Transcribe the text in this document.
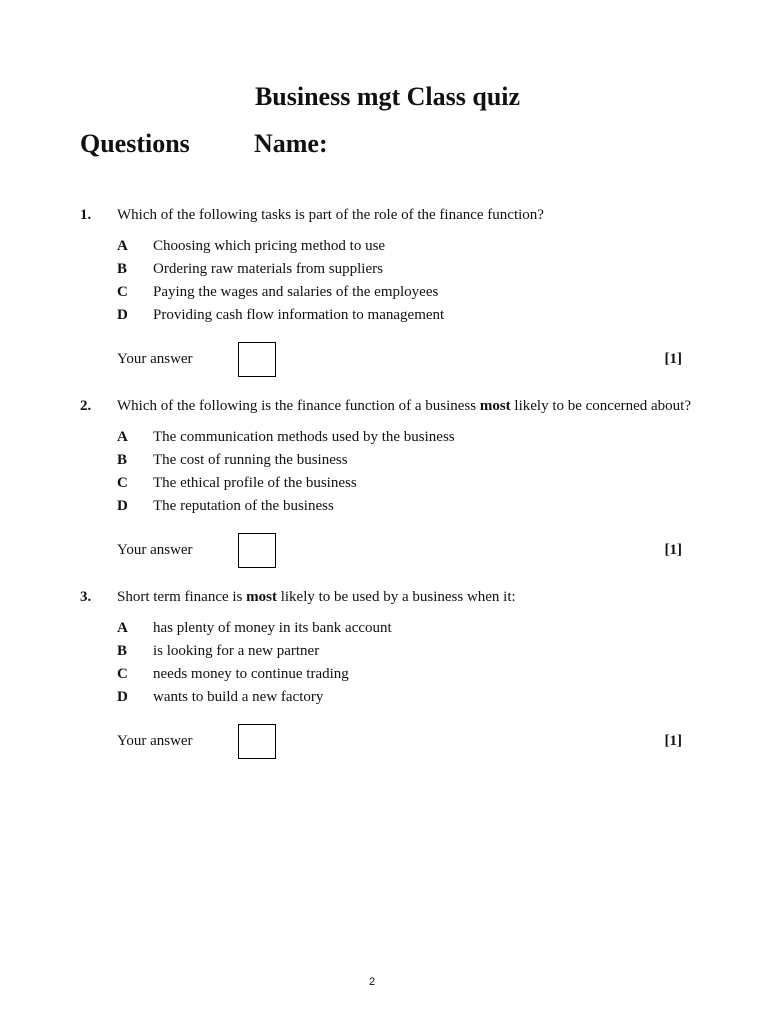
Business mgt Class quiz
Questions Name:
1. Which of the following tasks is part of the role of the finance function?
A Choosing which pricing method to use
B Ordering raw materials from suppliers
C Paying the wages and salaries of the employees
D Providing cash flow information to management
Your answer	[1]
2. Which of the following is the finance function of a business most likely to be concerned about?
A The communication methods used by the business
B The cost of running the business
C The ethical profile of the business
D The reputation of the business
Your answer	[1]
3. Short term finance is most likely to be used by a business when it:
A has plenty of money in its bank account
B is looking for a new partner
C needs money to continue trading
D wants to build a new factory
Your answer	[1]
2
